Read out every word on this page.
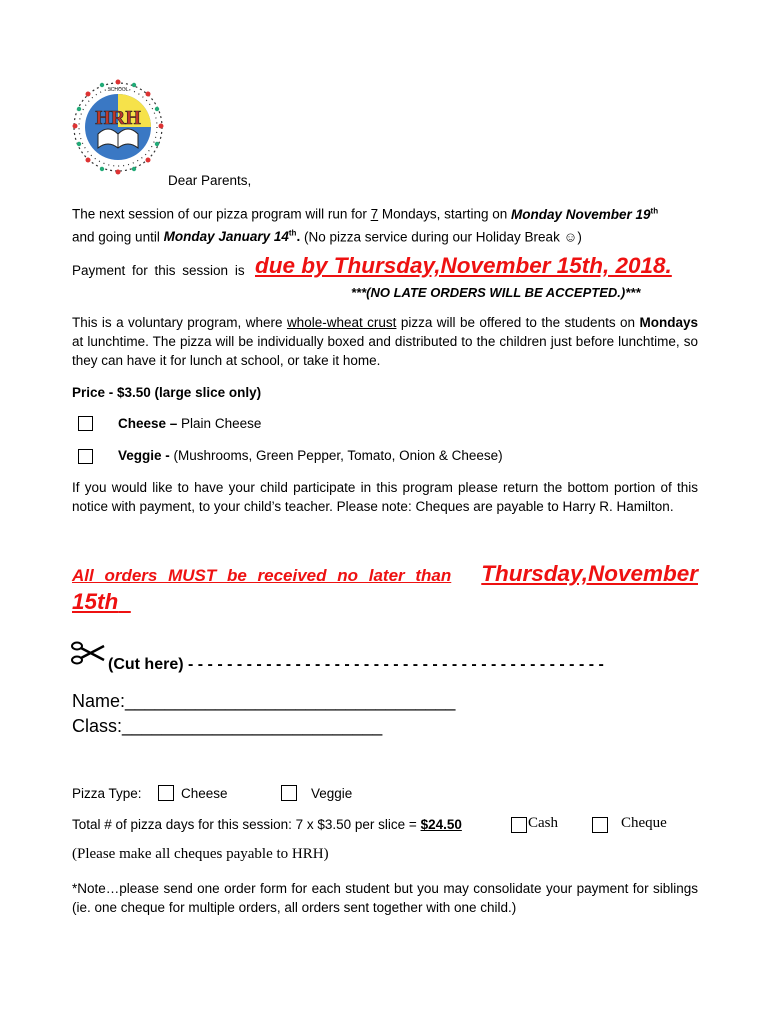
HRH
SCHOOL
Dear Parents,
The next session of our pizza program will run for 7 Mondays, starting on Monday November 19th
and going until Monday January 14th. (No pizza service during our Holiday Break ☺)
Payment for this session is due by Thursday,November 15th, 2018.
***(NO LATE ORDERS WILL BE ACCEPTED.)***
This is a voluntary program, where whole-wheat crust pizza will be offered to the students on Mondays at lunchtime. The pizza will be individually boxed and distributed to the children just before lunchtime, so they can have it for lunch at school, or take it home.
Price - $3.50 (large slice only)
Cheese – Plain Cheese
Veggie - (Mushrooms, Green Pepper, Tomato, Onion & Cheese)
If you would like to have your child participate in this program please return the bottom portion of this notice with payment, to your child’s teacher. Please note: Cheques are payable to Harry R. Hamilton.
All orders MUST be received no later than Thursday,November
15th
(Cut here) - - - - - - - - - - - - - - - - - - - - - - - - - - - - - - - - - - - - - - - - - - -
Name:_________________________________
Class:__________________________
Pizza Type:	Cheese	Veggie
Total # of pizza days for this session: 7 x $3.50 per slice = $24.50	Cash	Cheque
(Please make all cheques payable to HRH)
*Note…please send one order form for each student but you may consolidate your payment for siblings (ie. one cheque for multiple orders, all orders sent together with one child.)
